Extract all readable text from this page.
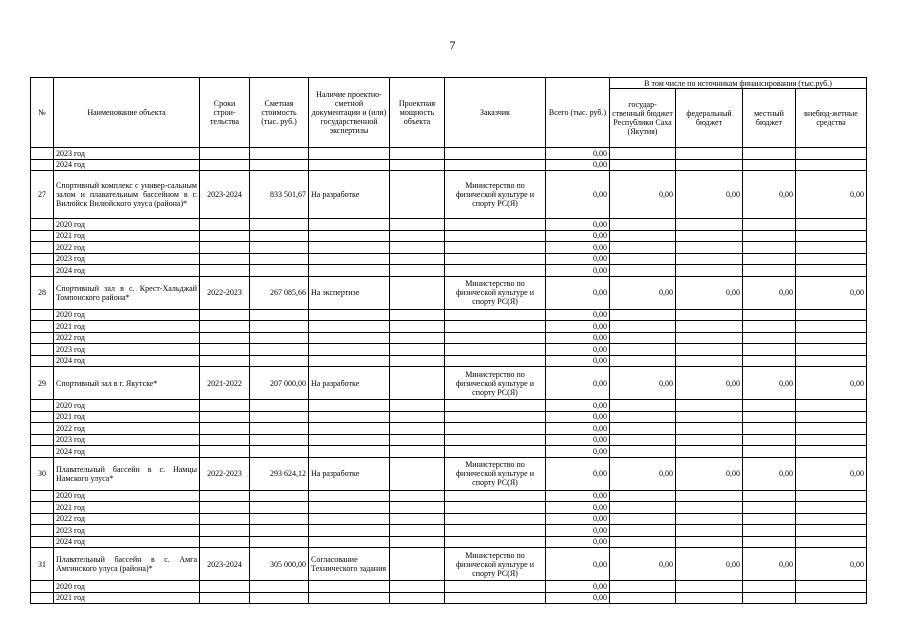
7
№	Наименование объекта	Сроки строи-тельства	Сметная стоимость (тыс. руб.)	Наличие проектно-сметной документации и (или) государственной экспертизы	Проектная мощность объекта	Заказчик	Всего (тыс. руб.)	В том числе по источникам финансирования (тыс.руб.)			
								государ-ственный бюджет Республики Саха (Якутия)	федеральный бюджет	местный бюджет	внебюд-жетные средства
	2023 год						0,00				
	2024 год						0,00				
27	Спортивный комплекс с универ-сальным залом и плавательным бассейном в г. Вилюйск Вилюйского улуса (района)*	2023-2024	833 501,67	На разработке		Министерство по физической культуре и спорту РС(Я)	0,00	0,00	0,00	0,00	0,00
	2020 год						0,00				
	2021 год						0,00				
	2022 год						0,00				
	2023 год						0,00				
	2024 год						0,00				
28	Спортивный зал в с. Крест-Хальджай Томпонского района*	2022-2023	267 085,66	На экспертизе		Министерство по физической культуре и спорту РС(Я)	0,00	0,00	0,00	0,00	0,00
	2020 год						0,00				
	2021 год						0,00				
	2022 год						0,00				
	2023 год						0,00				
	2024 год						0,00				
29	Спортивный зал в г. Якутске*	2021-2022	207 000,00	На разработке		Министерство по физической культуре и спорту РС(Я)	0,00	0,00	0,00	0,00	0,00
	2020 год						0,00				
	2021 год						0,00				
	2022 год						0,00				
	2023 год						0,00				
	2024 год						0,00				
30	Плавательный бассейн в с. Намцы Намского улуса*	2022-2023	293 624,12	На разработке		Министерство по физической культуре и спорту РС(Я)	0,00	0,00	0,00	0,00	0,00
	2020 год						0,00				
	2021 год						0,00				
	2022 год						0,00				
	2023 год						0,00				
	2024 год						0,00				
31	Плавательный бассейн в с. Амга Амгинского улуса (района)*	2023-2024	305 000,00	Согласование Технического задания		Министерство по физической культуре и спорту РС(Я)	0,00	0,00	0,00	0,00	0,00
	2020 год						0,00				
	2021 год						0,00				
